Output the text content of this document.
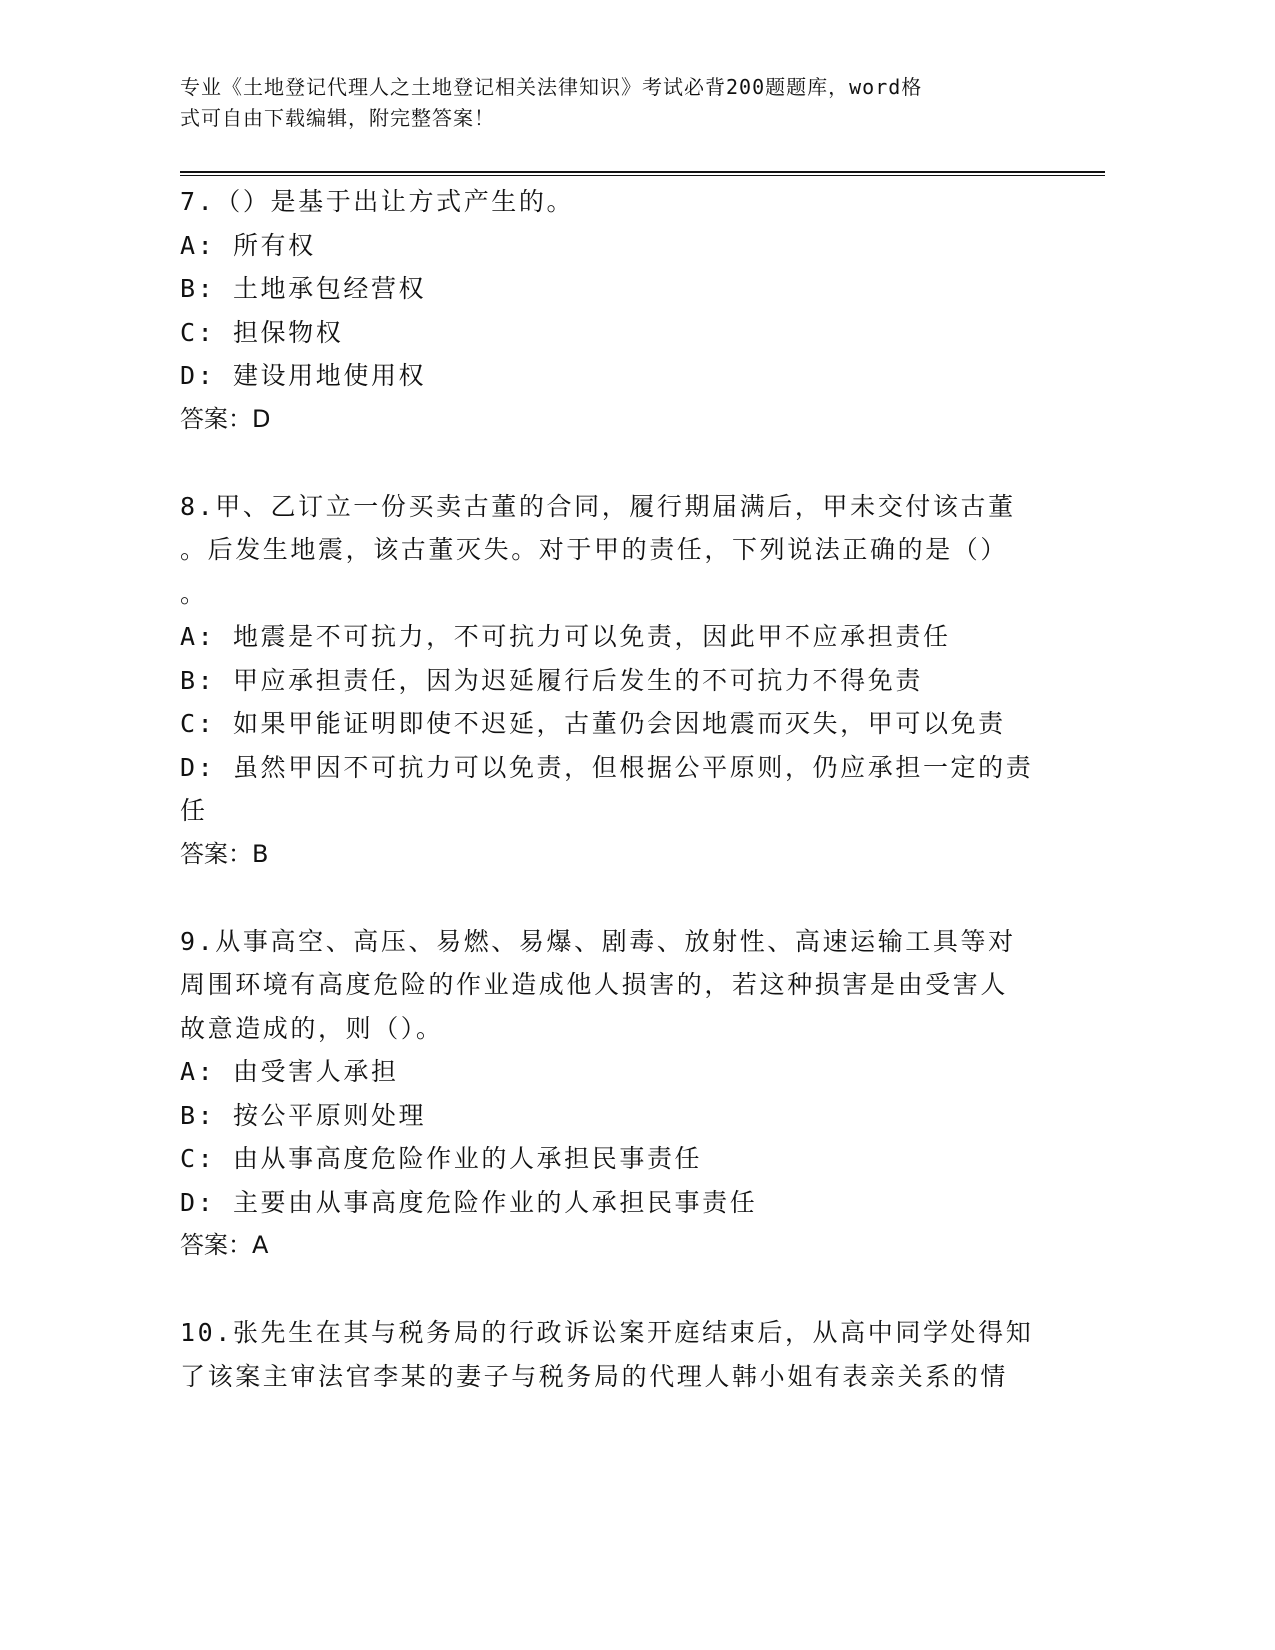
专业《土地登记代理人之土地登记相关法律知识》考试必背200题题库，word格
式可自由下载编辑，附完整答案！
7.（）是基于出让方式产生的。
A: 所有权
B: 土地承包经营权
C: 担保物权
D: 建设用地使用权
答案：D
8.甲、乙订立一份买卖古董的合同，履行期届满后，甲未交付该古董
。后发生地震，该古董灭失。对于甲的责任，下列说法正确的是（）
。
A: 地震是不可抗力，不可抗力可以免责，因此甲不应承担责任
B: 甲应承担责任，因为迟延履行后发生的不可抗力不得免责
C: 如果甲能证明即使不迟延，古董仍会因地震而灭失，甲可以免责
D: 虽然甲因不可抗力可以免责，但根据公平原则，仍应承担一定的责
任
答案：B
9.从事高空、高压、易燃、易爆、剧毒、放射性、高速运输工具等对
周围环境有高度危险的作业造成他人损害的，若这种损害是由受害人
故意造成的，则（）。
A: 由受害人承担
B: 按公平原则处理
C: 由从事高度危险作业的人承担民事责任
D: 主要由从事高度危险作业的人承担民事责任
答案：A
10.张先生在其与税务局的行政诉讼案开庭结束后，从高中同学处得知
了该案主审法官李某的妻子与税务局的代理人韩小姐有表亲关系的情
